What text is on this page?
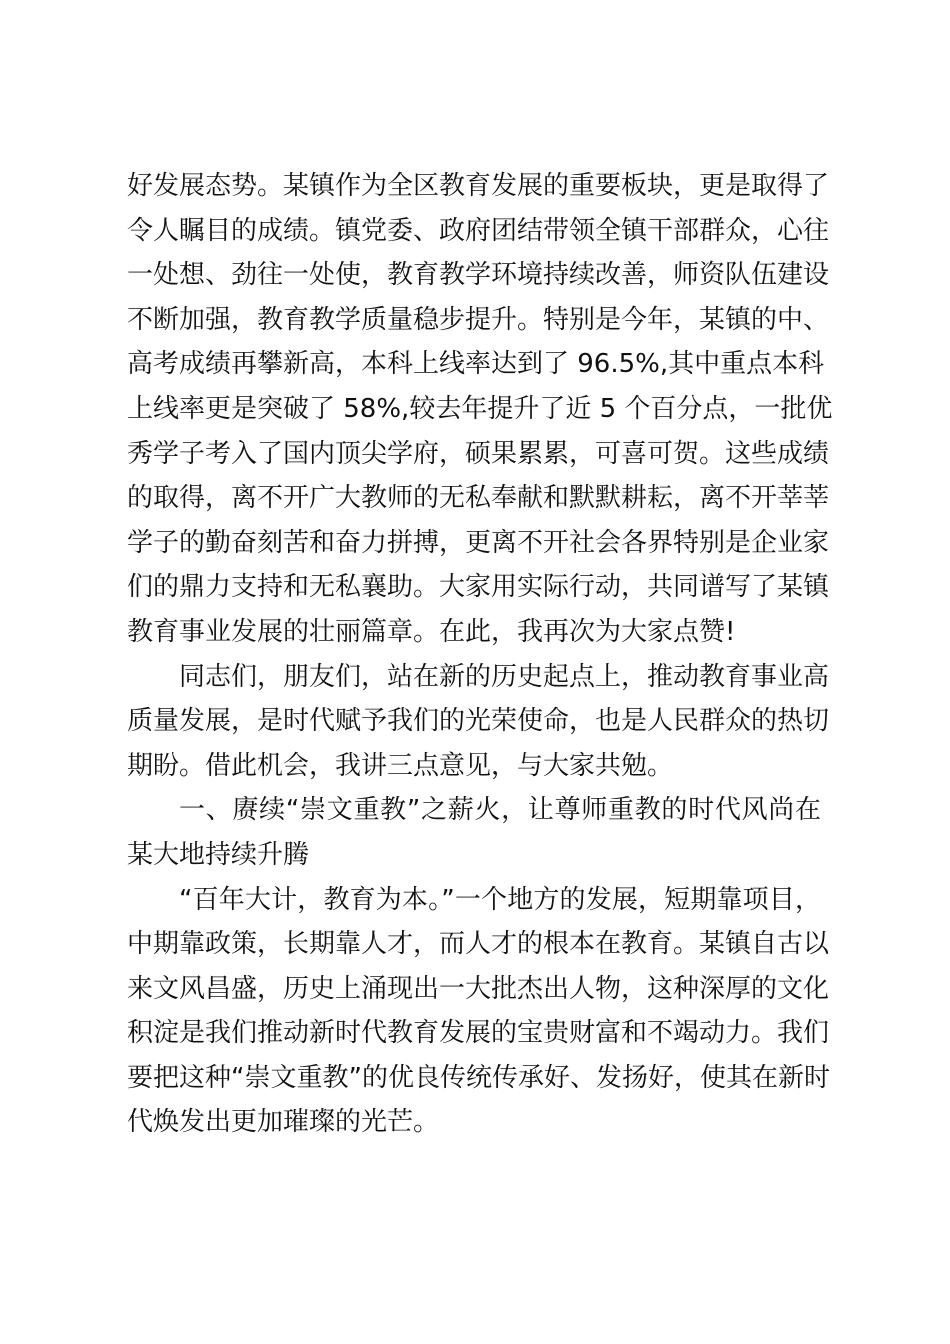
好发展态势。某镇作为全区教育发展的重要板块，更是取得了
令人瞩目的成绩。镇党委、政府团结带领全镇干部群众，心往
一处想、劲往一处使，教育教学环境持续改善，师资队伍建设
不断加强，教育教学质量稳步提升。特别是今年，某镇的中、
高考成绩再攀新高，本科上线率达到了 96.5%,其中重点本科
上线率更是突破了 58%,较去年提升了近 5 个百分点，一批优
秀学子考入了国内顶尖学府，硕果累累，可喜可贺。这些成绩
的取得，离不开广大教师的无私奉献和默默耕耘，离不开莘莘
学子的勤奋刻苦和奋力拼搏，更离不开社会各界特别是企业家
们的鼎力支持和无私襄助。大家用实际行动，共同谱写了某镇
教育事业发展的壮丽篇章。在此，我再次为大家点赞!
同志们，朋友们，站在新的历史起点上，推动教育事业高
质量发展，是时代赋予我们的光荣使命，也是人民群众的热切
期盼。借此机会，我讲三点意见，与大家共勉。
一、赓续“崇文重教”之薪火，让尊师重教的时代风尚在
某大地持续升腾
“百年大计，教育为本。”一个地方的发展，短期靠项目，
中期靠政策，长期靠人才，而人才的根本在教育。某镇自古以
来文风昌盛，历史上涌现出一大批杰出人物，这种深厚的文化
积淀是我们推动新时代教育发展的宝贵财富和不竭动力。我们
要把这种“崇文重教”的优良传统传承好、发扬好，使其在新时
代焕发出更加璀璨的光芒。
